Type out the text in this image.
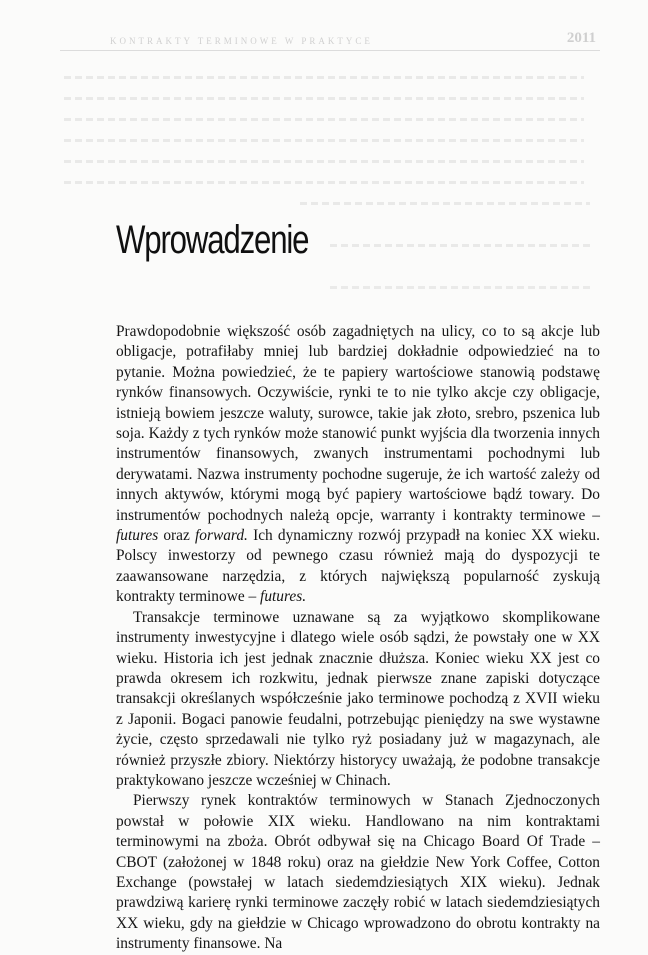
KONTRAKTY TERMINOWE W PRAKTYCE	2011
Wprowadzenie

Prawdopodobnie większość osób zagadniętych na ulicy, co to są akcje lub obligacje, potrafiłaby mniej lub bardziej dokładnie odpowiedzieć na to pytanie. Można powiedzieć, że te papiery wartościowe stanowią podstawę rynków finansowych. Oczywiście, rynki te to nie tylko akcje czy obligacje, istnieją bowiem jeszcze waluty, surowce, takie jak złoto, srebro, pszenica lub soja. Każdy z tych rynków może stanowić punkt wyjścia dla tworzenia innych instrumentów finansowych, zwanych instrumentami pochodnymi lub derywatami. Nazwa instrumenty pochodne sugeruje, że ich wartość zależy od innych aktywów, którymi mogą być papiery wartościowe bądź towary. Do instrumentów pochodnych należą opcje, warranty i kontrakty terminowe – futures oraz forward. Ich dynamiczny rozwój przypadł na koniec XX wieku. Polscy inwestorzy od pewnego czasu również mają do dyspozycji te zaawansowane narzędzia, z których największą popularność zyskują kontrakty terminowe – futures.

Transakcje terminowe uznawane są za wyjątkowo skomplikowane instrumenty inwestycyjne i dlatego wiele osób sądzi, że powstały one w XX wieku. Historia ich jest jednak znacznie dłuższa. Koniec wieku XX jest co prawda okresem ich rozkwitu, jednak pierwsze znane zapiski dotyczące transakcji określanych współcześnie jako terminowe pochodzą z XVII wieku z Japonii. Bogaci panowie feudalni, potrzebując pieniędzy na swe wystawne życie, często sprzedawali nie tylko ryż posiadany już w magazynach, ale również przyszłe zbiory. Niektórzy historycy uważają, że podobne transakcje praktykowano jeszcze wcześniej w Chinach.

Pierwszy rynek kontraktów terminowych w Stanach Zjednoczonych powstał w połowie XIX wieku. Handlowano na nim kontraktami terminowymi na zboża. Obrót odbywał się na Chicago Board Of Trade – CBOT (założonej w 1848 roku) oraz na giełdzie New York Coffee, Cotton Exchange (powstałej w latach siedemdziesiątych XIX wieku). Jednak prawdziwą karierę rynki terminowe zaczęły robić w latach siedemdziesiątych XX wieku, gdy na giełdzie w Chicago wprowadzono do obrotu kontrakty na instrumenty finansowe. Na
